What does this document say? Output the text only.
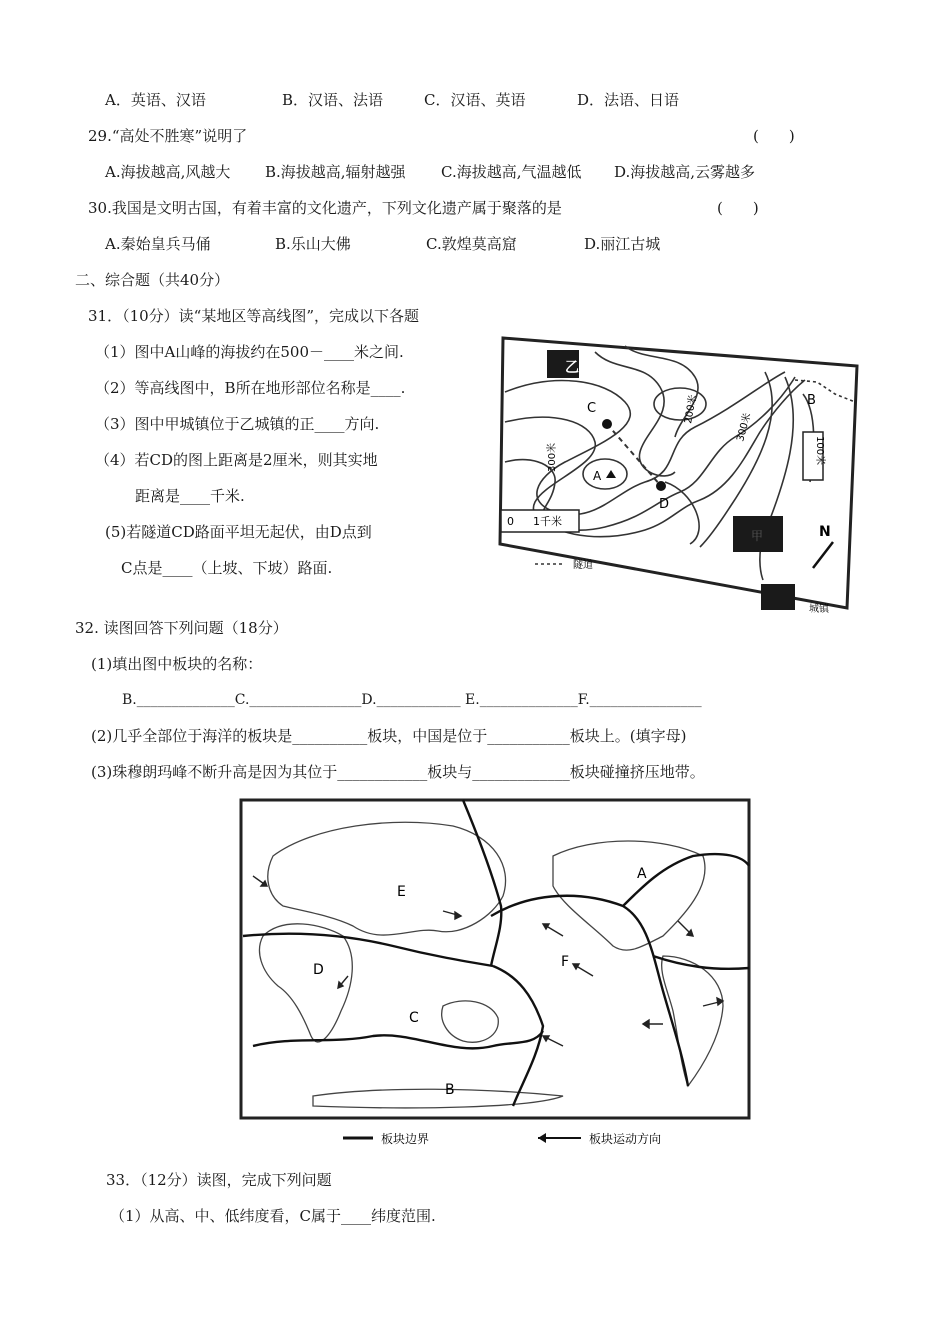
A．英语、汉语	B．汉语、法语	C．汉语、英语	D．法语、日语
29.“高处不胜寒”说明了	(　　)
A.海拔越高,风越大 B.海拔越高,辐射越强 C.海拔越高,气温越低 D.海拔越高,云雾越多
30.我国是文明古国，有着丰富的文化遗产，下列文化遗产属于聚落的是	(　　)
A.秦始皇兵马俑	B.乐山大佛	C.敦煌莫高窟	D.丽江古城
二、综合题（共40分）
31．（10分）读“某地区等高线图”，完成以下各题
（1）图中A山峰的海拔约在500－____米之间.
（2）等高线图中，B所在地形部位名称是____.
（3）图中甲城镇位于乙城镇的正____方向.
（4）若CD的图上距离是2厘米，则其实地
距离是____千米.
(5)若隧道CD路面平坦无起伏，由D点到
C点是____（上坡、下坡）路面.
C
D
A
B
300米
300米
200米
100米
乙
甲
0 1千米
N
隧道
城镇
32. 读图回答下列问题（18分）
(1)填出图中板块的名称：
B.______________C.________________D.____________ E.______________F.________________
(2)几乎全部位于海洋的板块是__________板块，中国是位于___________板块上。(填字母)
(3)珠穆朗玛峰不断升高是因为其位于____________板块与_____________板块碰撞挤压地带。
A
B
C
D
E
F
板块边界	板块运动方向
33．（12分）读图，完成下列问题
（1）从高、中、低纬度看，C属于____纬度范围.
